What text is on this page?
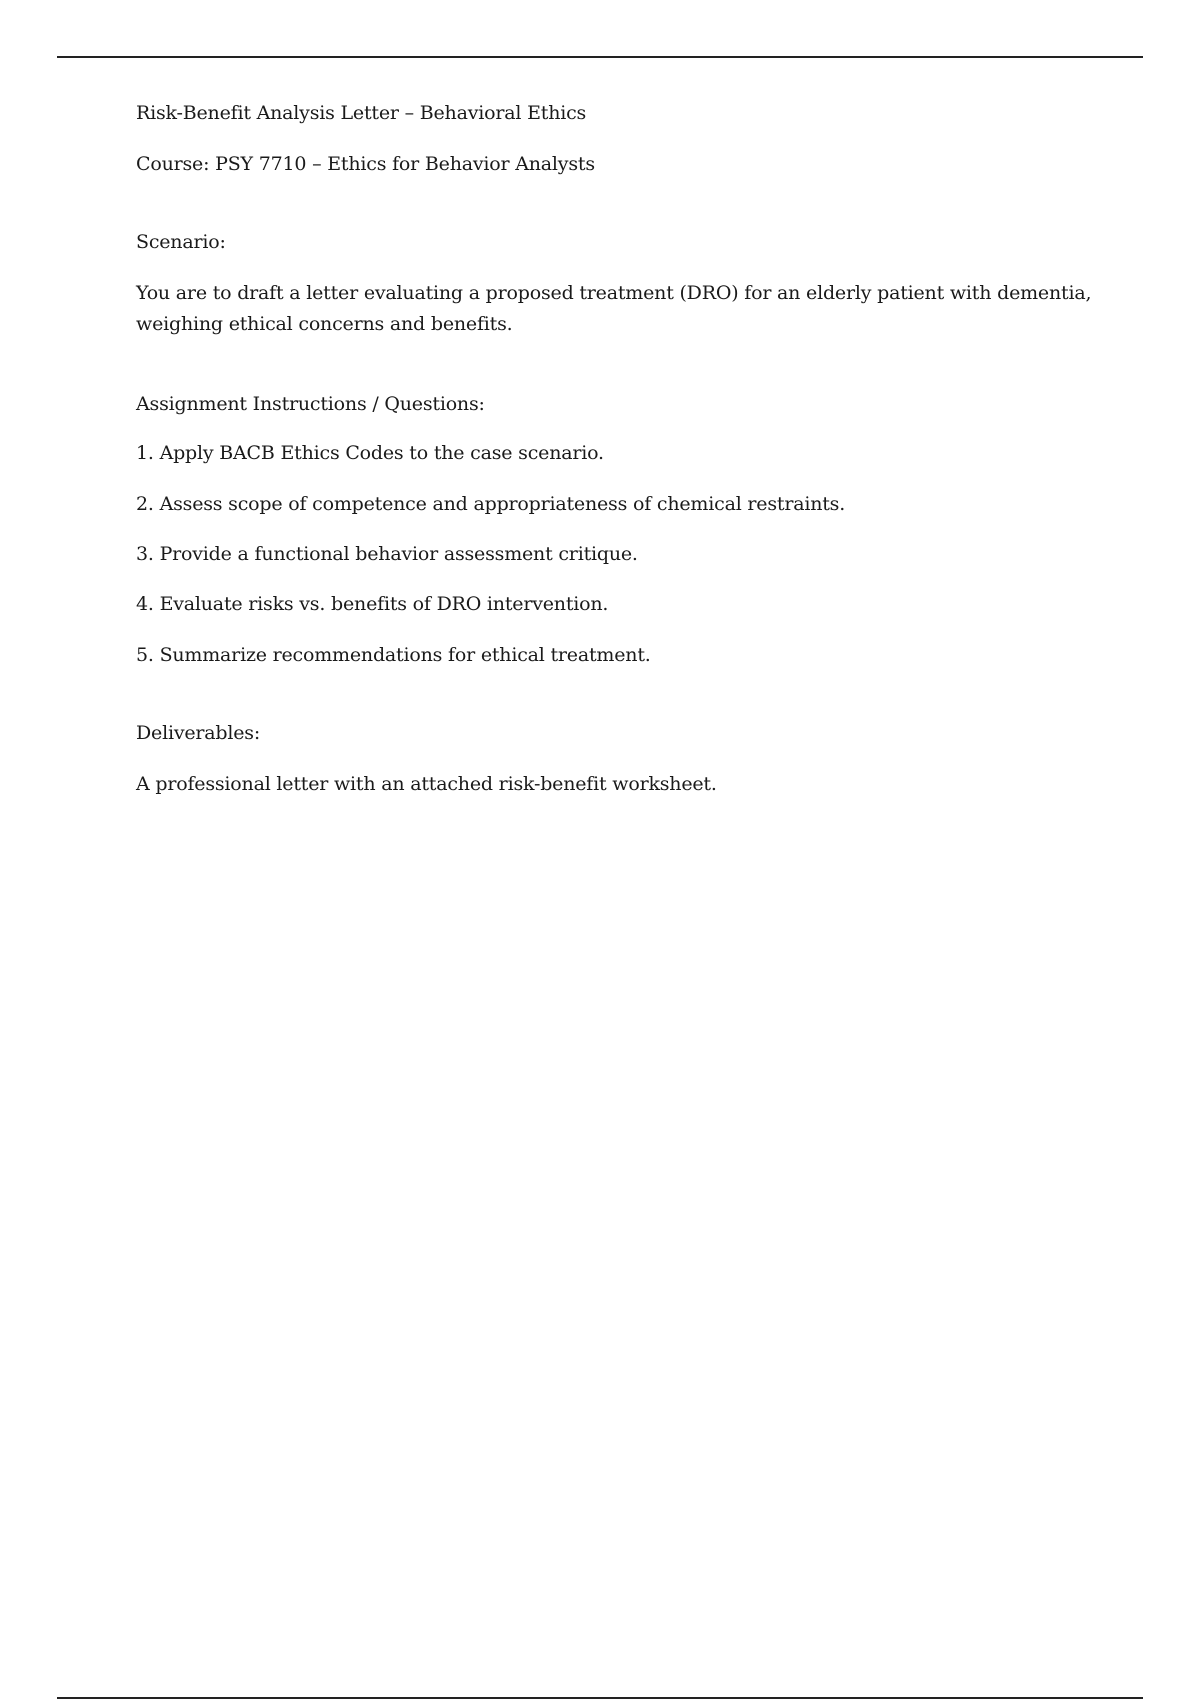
Risk-Benefit Analysis Letter – Behavioral Ethics
Course: PSY 7710 – Ethics for Behavior Analysts
Scenario:
You are to draft a letter evaluating a proposed treatment (DRO) for an elderly patient with dementia,
weighing ethical concerns and benefits.
Assignment Instructions / Questions:
1. Apply BACB Ethics Codes to the case scenario.
2. Assess scope of competence and appropriateness of chemical restraints.
3. Provide a functional behavior assessment critique.
4. Evaluate risks vs. benefits of DRO intervention.
5. Summarize recommendations for ethical treatment.
Deliverables:
A professional letter with an attached risk-benefit worksheet.
